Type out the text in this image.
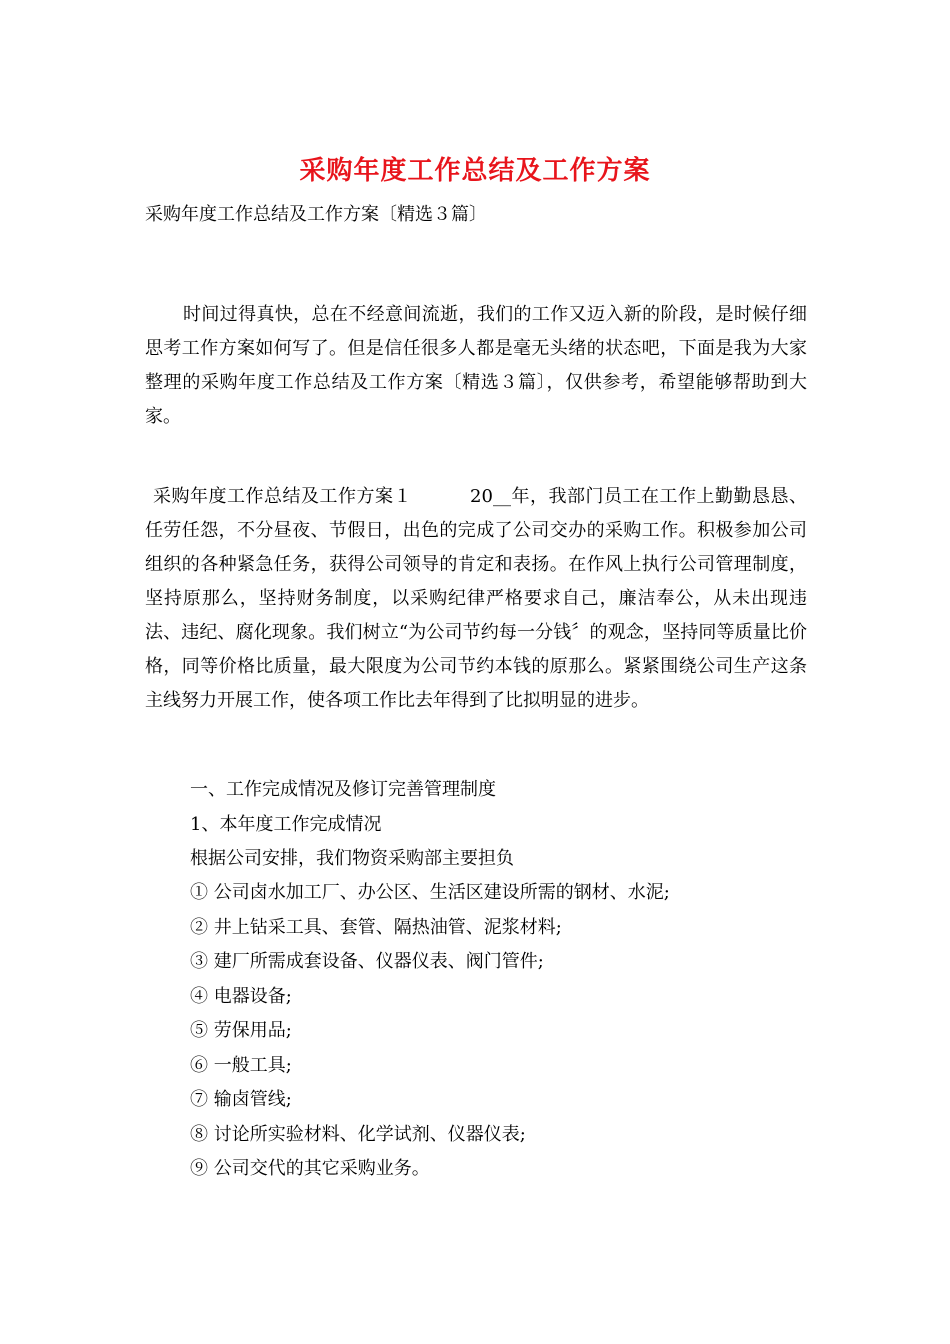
采购年度工作总结及工作方案
采购年度工作总结及工作方案〔精选３篇〕
时间过得真快，总在不经意间流逝，我们的工作又迈入新的阶段，是时候仔细思考工作方案如何写了。但是信任很多人都是毫无头绪的状态吧，下面是我为大家整理的采购年度工作总结及工作方案〔精选３篇〕，仅供参考，希望能够帮助到大家。
采购年度工作总结及工作方案１	20__年，我部门员工在工作上勤勤恳恳、任劳任怨，不分昼夜、节假日，出色的完成了公司交办的采购工作。积极参加公司组织的各种紧急任务，获得公司领导的肯定和表扬。在作风上执行公司管理制度，坚持原那么，坚持财务制度，以采购纪律严格要求自己，廉洁奉公，从未出现违法、违纪、腐化现象。我们树立“为公司节约每一分钱〞的观念，坚持同等质量比价格，同等价格比质量，最大限度为公司节约本钱的原那么。紧紧围绕公司生产这条主线努力开展工作，使各项工作比去年得到了比拟明显的进步。
一、工作完成情况及修订完善管理制度
1、本年度工作完成情况
根据公司安排，我们物资采购部主要担负
① 公司卤水加工厂、办公区、生活区建设所需的钢材、水泥;
② 井上钻采工具、套管、隔热油管、泥浆材料;
③ 建厂所需成套设备、仪器仪表、阀门管件;
④ 电器设备;
⑤ 劳保用品;
⑥ 一般工具;
⑦ 输卤管线;
⑧ 讨论所实验材料、化学试剂、仪器仪表;
⑨ 公司交代的其它采购业务。
